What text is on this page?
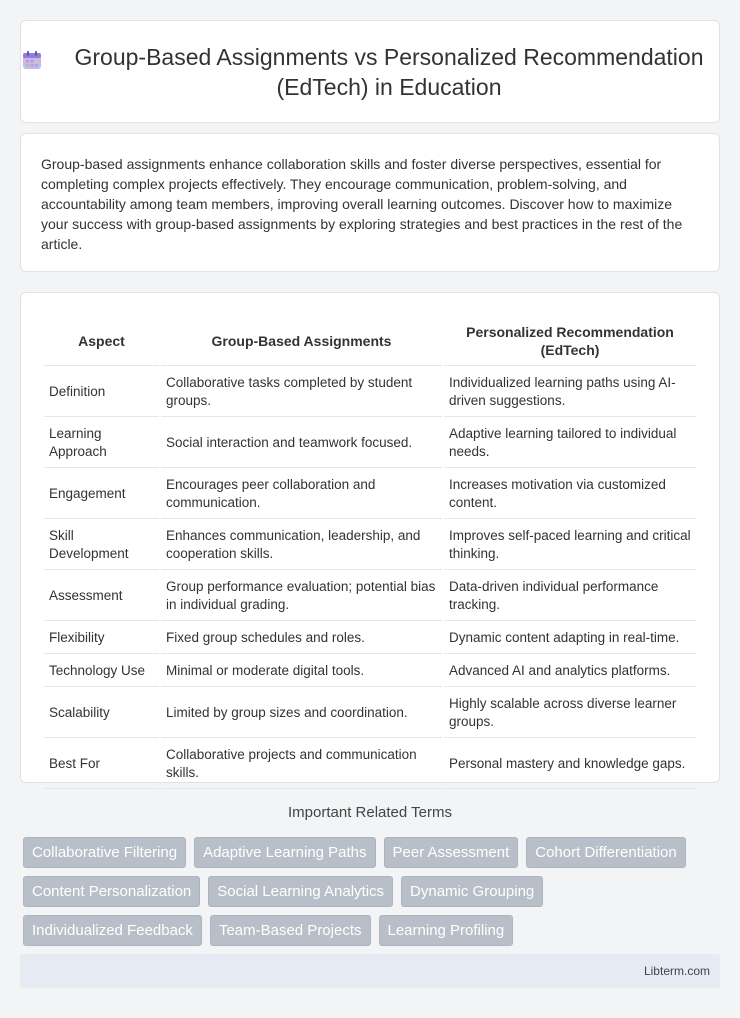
Group-Based Assignments vs Personalized Recommendation (EdTech) in Education

Group-based assignments enhance collaboration skills and foster diverse perspectives, essential for completing complex projects effectively. They encourage communication, problem-solving, and accountability among team members, improving overall learning outcomes. Discover how to maximize your success with group-based assignments by exploring strategies and best practices in the rest of the article.

Aspect	Group-Based Assignments	Personalized Recommendation (EdTech)
Definition	Collaborative tasks completed by student groups.	Individualized learning paths using AI-driven suggestions.
Learning Approach	Social interaction and teamwork focused.	Adaptive learning tailored to individual needs.
Engagement	Encourages peer collaboration and communication.	Increases motivation via customized content.
Skill Development	Enhances communication, leadership, and cooperation skills.	Improves self-paced learning and critical thinking.
Assessment	Group performance evaluation; potential bias in individual grading.	Data-driven individual performance tracking.
Flexibility	Fixed group schedules and roles.	Dynamic content adapting in real-time.
Technology Use	Minimal or moderate digital tools.	Advanced AI and analytics platforms.
Scalability	Limited by group sizes and coordination.	Highly scalable across diverse learner groups.
Best For	Collaborative projects and communication skills.	Personal mastery and knowledge gaps.
Important Related Terms
Collaborative Filtering	Adaptive Learning Paths	Peer Assessment	Cohort Differentiation
Content Personalization	Social Learning Analytics	Dynamic Grouping
Individualized Feedback	Team-Based Projects	Learning Profiling
Libterm.com
